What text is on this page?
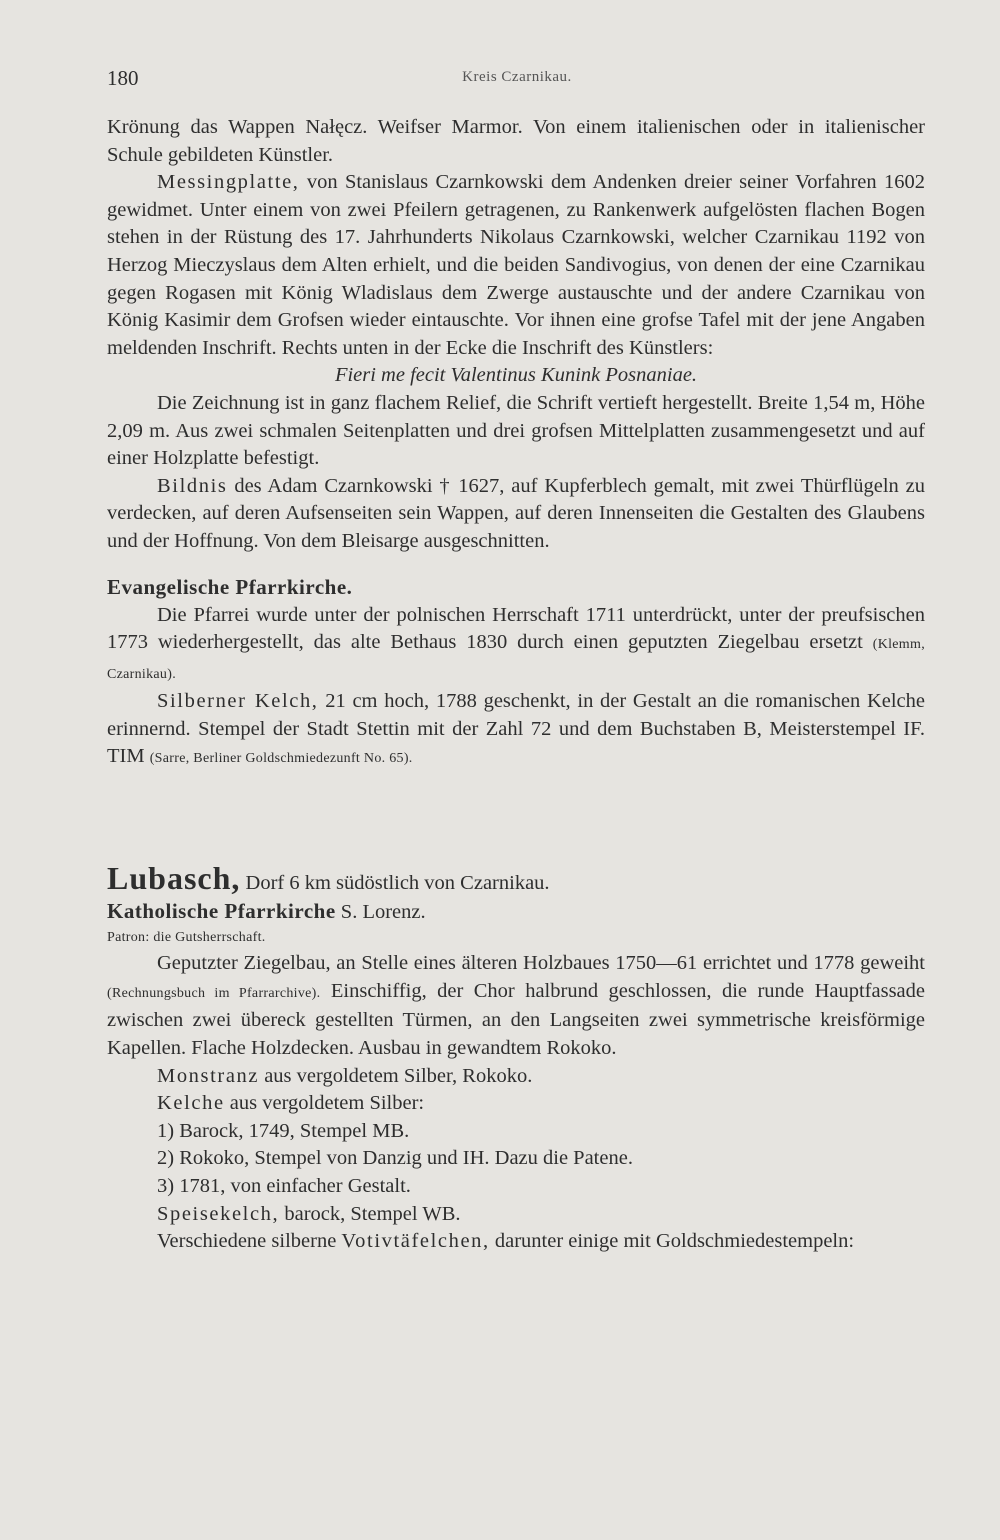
180	Kreis Czarnikau.

Krönung das Wappen Nałęcz. Weifser Marmor. Von einem italienischen oder in italienischer Schule gebildeten Künstler.

Messingplatte, von Stanislaus Czarnkowski dem Andenken dreier seiner Vorfahren 1602 gewidmet. Unter einem von zwei Pfeilern getragenen, zu Rankenwerk aufgelösten flachen Bogen stehen in der Rüstung des 17. Jahrhunderts Nikolaus Czarnkowski, welcher Czarnikau 1192 von Herzog Mieczyslaus dem Alten erhielt, und die beiden Sandivogius, von denen der eine Czarnikau gegen Rogasen mit König Wladislaus dem Zwerge austauschte und der andere Czarnikau von König Kasimir dem Grofsen wieder eintauschte. Vor ihnen eine grofse Tafel mit der jene Angaben meldenden Inschrift. Rechts unten in der Ecke die Inschrift des Künstlers:

Fieri me fecit Valentinus Kunink Posnaniae.

Die Zeichnung ist in ganz flachem Relief, die Schrift vertieft hergestellt. Breite 1,54 m, Höhe 2,09 m. Aus zwei schmalen Seitenplatten und drei grofsen Mittelplatten zusammengesetzt und auf einer Holzplatte befestigt.

Bildnis des Adam Czarnkowski † 1627, auf Kupferblech gemalt, mit zwei Thürflügeln zu verdecken, auf deren Aufsenseiten sein Wappen, auf deren Innenseiten die Gestalten des Glaubens und der Hoffnung. Von dem Bleisarge ausgeschnitten.

Evangelische Pfarrkirche.

Die Pfarrei wurde unter der polnischen Herrschaft 1711 unterdrückt, unter der preufsischen 1773 wiederhergestellt, das alte Bethaus 1830 durch einen geputzten Ziegelbau ersetzt (Klemm, Czarnikau).

Silberner Kelch, 21 cm hoch, 1788 geschenkt, in der Gestalt an die romanischen Kelche erinnernd. Stempel der Stadt Stettin mit der Zahl 72 und dem Buchstaben B, Meisterstempel IF. TIM (Sarre, Berliner Goldschmiedezunft No. 65).

Lubasch, Dorf 6 km südöstlich von Czarnikau.

Katholische Pfarrkirche S. Lorenz.

Patron: die Gutsherrschaft.

Geputzter Ziegelbau, an Stelle eines älteren Holzbaues 1750—61 errichtet und 1778 geweiht (Rechnungsbuch im Pfarrarchive). Einschiffig, der Chor halbrund geschlossen, die runde Hauptfassade zwischen zwei übereck gestellten Türmen, an den Langseiten zwei symmetrische kreisförmige Kapellen. Flache Holzdecken. Ausbau in gewandtem Rokoko.

Monstranz aus vergoldetem Silber, Rokoko.

Kelche aus vergoldetem Silber:

1) Barock, 1749, Stempel MB.

2) Rokoko, Stempel von Danzig und IH. Dazu die Patene.

3) 1781, von einfacher Gestalt.

Speisekelch, barock, Stempel WB.

Verschiedene silberne Votivtäfelchen, darunter einige mit Goldschmiedestempeln:
